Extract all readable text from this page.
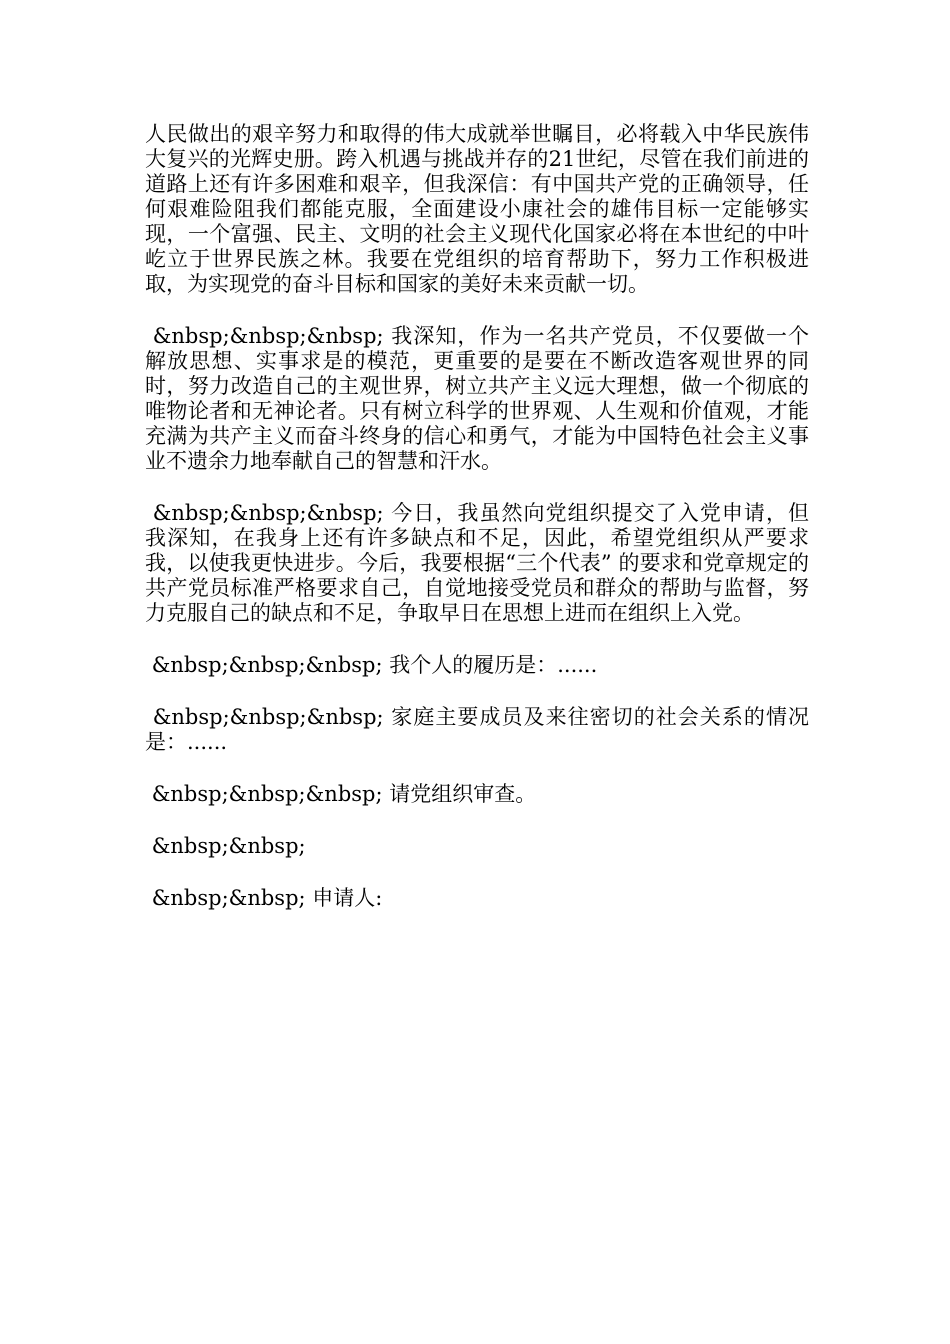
人民做出的艰辛努力和取得的伟大成就举世瞩目，必将载入中华民族伟大复兴的光辉史册。跨入机遇与挑战并存的21世纪，尽管在我们前进的道路上还有许多困难和艰辛，但我深信：有中国共产党的正确领导，任何艰难险阻我们都能克服，全面建设小康社会的雄伟目标一定能够实现，一个富强、民主、文明的社会主义现代化国家必将在本世纪的中叶屹立于世界民族之林。我要在党组织的培育帮助下，努力工作积极进取，为实现党的奋斗目标和国家的美好未来贡献一切。

&nbsp;&nbsp;&nbsp; 我深知，作为一名共产党员，不仅要做一个解放思想、实事求是的模范，更重要的是要在不断改造客观世界的同时，努力改造自己的主观世界，树立共产主义远大理想，做一个彻底的唯物论者和无神论者。只有树立科学的世界观、人生观和价值观，才能充满为共产主义而奋斗终身的信心和勇气，才能为中国特色社会主义事业不遗余力地奉献自己的智慧和汗水。

&nbsp;&nbsp;&nbsp; 今日，我虽然向党组织提交了入党申请，但我深知，在我身上还有许多缺点和不足，因此，希望党组织从严要求我，以使我更快进步。今后，我要根据“三个代表” 的要求和党章规定的共产党员标准严格要求自己，自觉地接受党员和群众的帮助与监督，努力克服自己的缺点和不足，争取早日在思想上进而在组织上入党。

&nbsp;&nbsp;&nbsp; 我个人的履历是：......

&nbsp;&nbsp;&nbsp; 家庭主要成员及来往密切的社会关系的情况是：......

&nbsp;&nbsp;&nbsp; 请党组织审查。

&nbsp;&nbsp;

&nbsp;&nbsp; 申请人:
